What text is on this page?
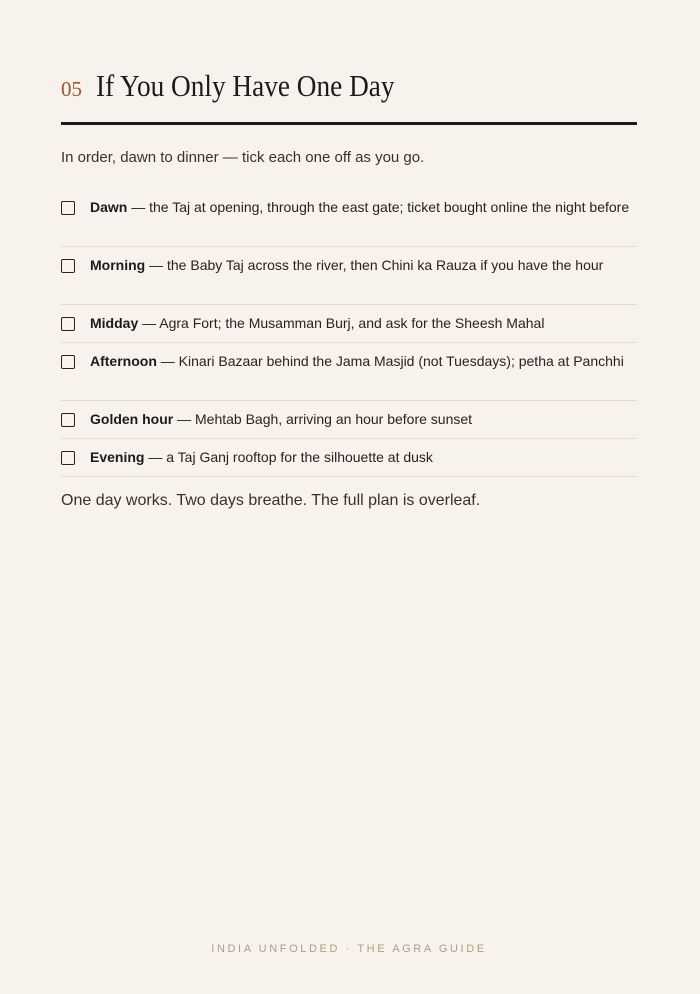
05 If You Only Have One Day
In order, dawn to dinner — tick each one off as you go.
Dawn — the Taj at opening, through the east gate; ticket bought online the night before
Morning — the Baby Taj across the river, then Chini ka Rauza if you have the hour
Midday — Agra Fort; the Musamman Burj, and ask for the Sheesh Mahal
Afternoon — Kinari Bazaar behind the Jama Masjid (not Tuesdays); petha at Panchhi
Golden hour — Mehtab Bagh, arriving an hour before sunset
Evening — a Taj Ganj rooftop for the silhouette at dusk
One day works. Two days breathe. The full plan is overleaf.
INDIA UNFOLDED · THE AGRA GUIDE
